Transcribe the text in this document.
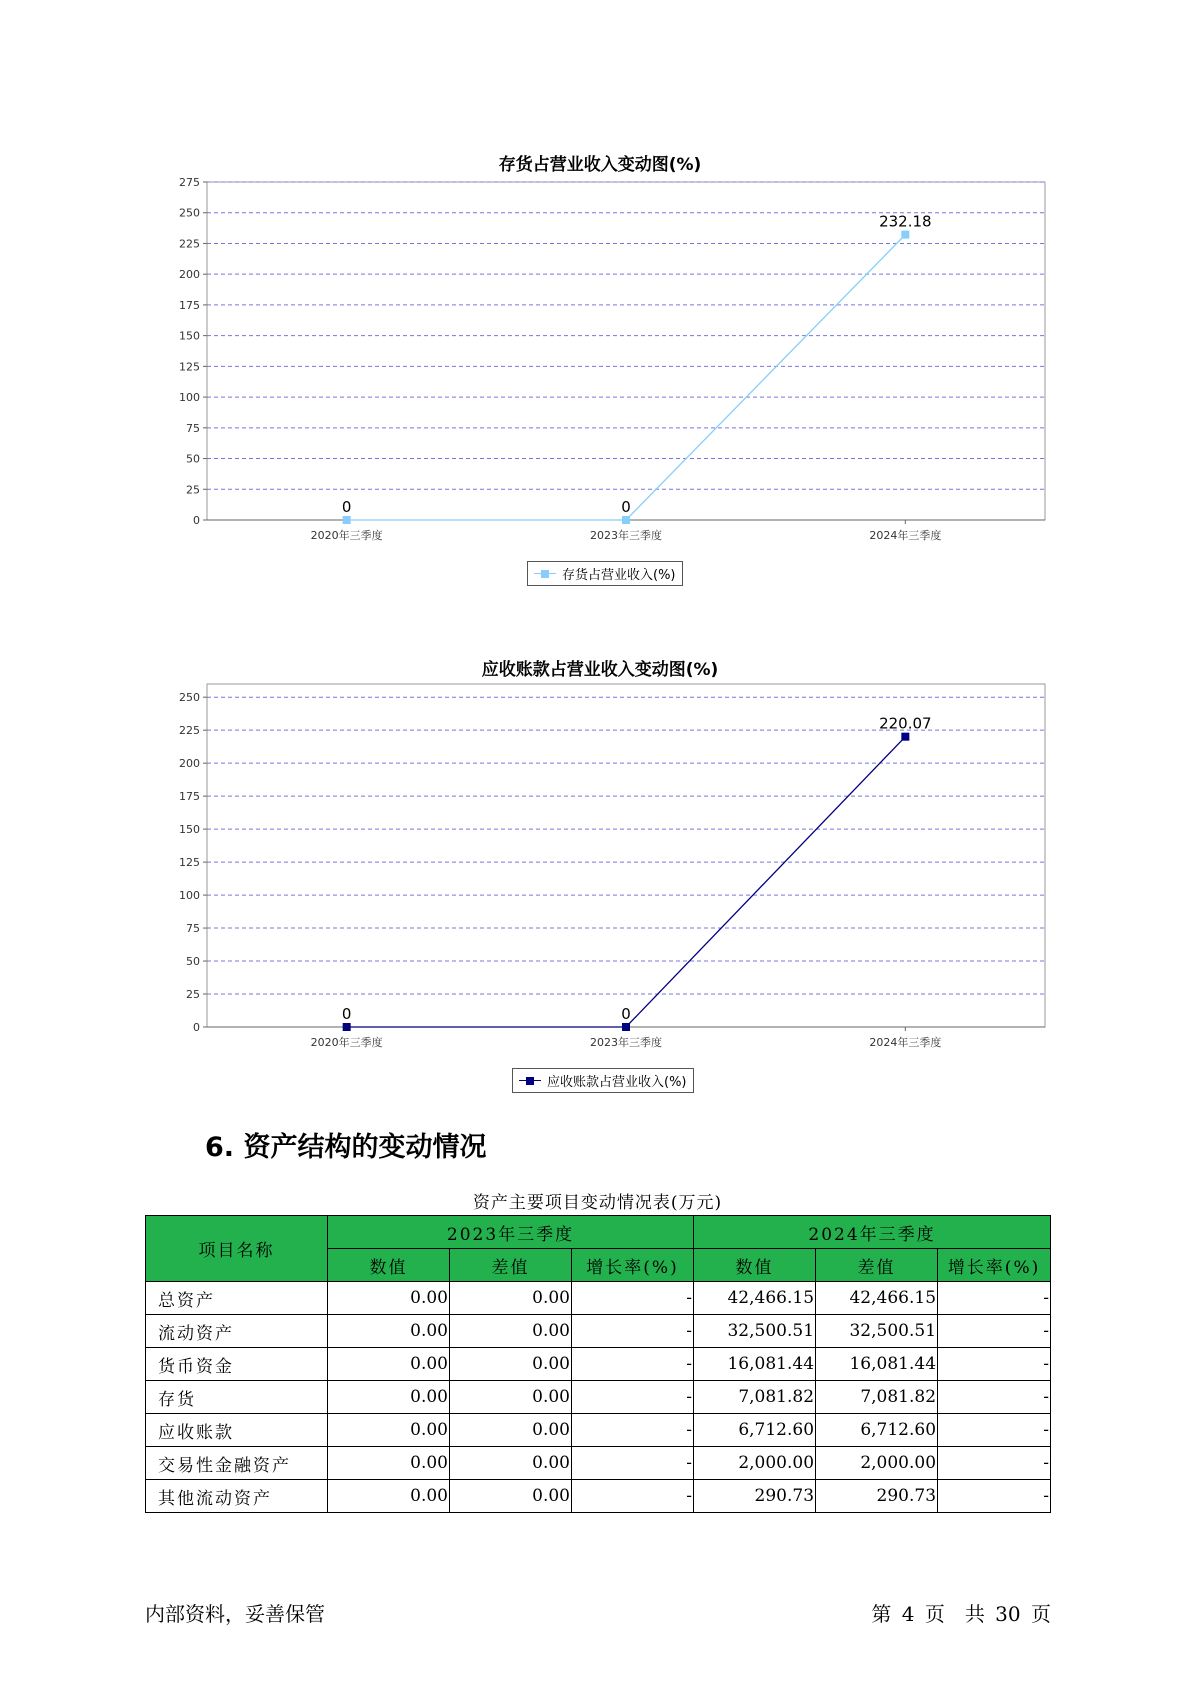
存货占营业收入变动图(%)
0
25
50
75
100
125
150
175
200
225
250
275
2020年三季度	2023年三季度	2024年三季度
0	0
232.18
存货占营业收入(%)
应收账款占营业收入变动图(%)
0
25
50
75
100
125
150
175
200
225
250
2020年三季度	2023年三季度	2024年三季度
0	0
220.07
应收账款占营业收入(%)
6. 资产结构的变动情况
资产主要项目变动情况表(万元)
项目名称	2023年三季度			2024年三季度		
	数值	差值	增长率(%)	数值	差值	增长率(%)
总资产	0.00	0.00	-	42,466.15	42,466.15	-
流动资产	0.00	0.00	-	32,500.51	32,500.51	-
货币资金	0.00	0.00	-	16,081.44	16,081.44	-
存货	0.00	0.00	-	7,081.82	7,081.82	-
应收账款	0.00	0.00	-	6,712.60	6,712.60	-
交易性金融资产	0.00	0.00	-	2,000.00	2,000.00	-
其他流动资产	0.00	0.00	-	290.73	290.73	-
内部资料，妥善保管	第 4 页　共 30 页
